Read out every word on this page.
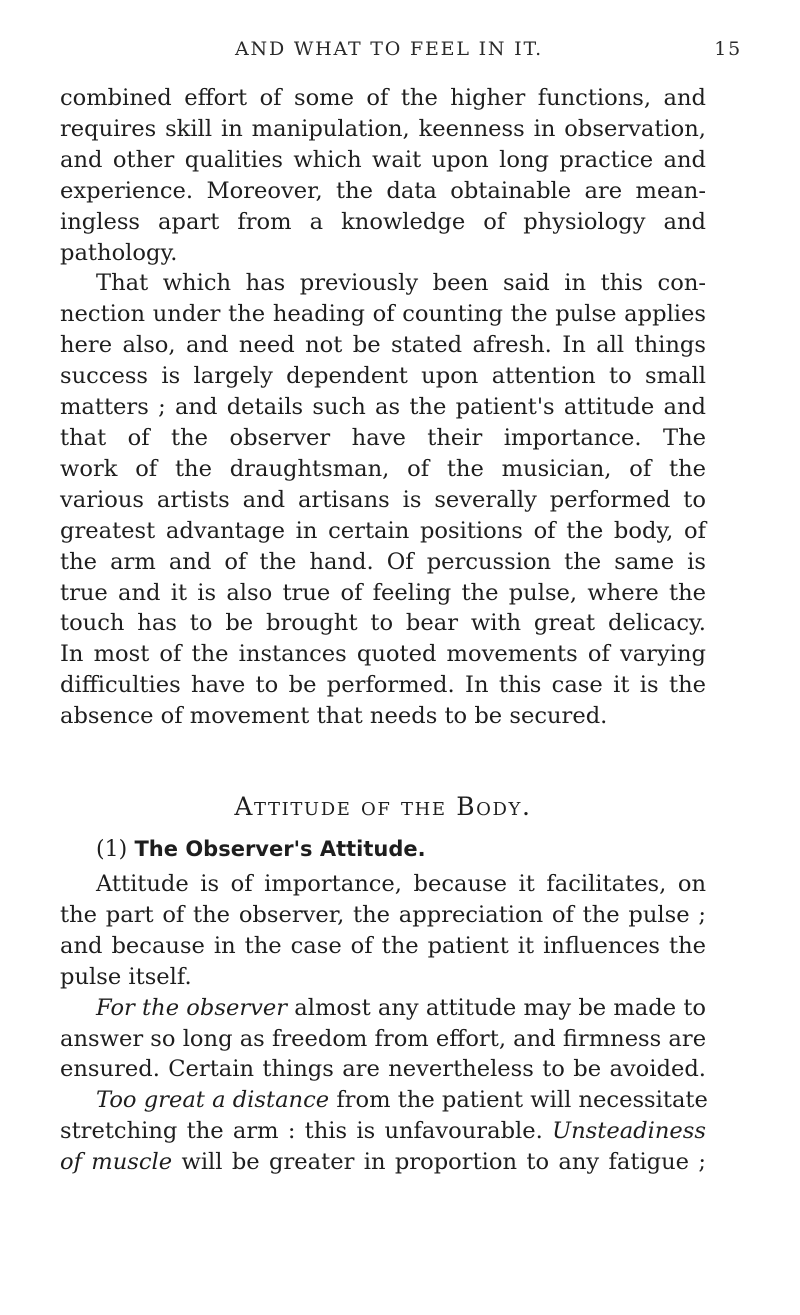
AND WHAT TO FEEL IN IT.	15
combined effort of some of the higher functions, and
requires skill in manipulation, keenness in observation,
and other qualities which wait upon long practice and
experience. Moreover, the data obtainable are mean-
ingless apart from a knowledge of physiology and
pathology.
That which has previously been said in this con-
nection under the heading of counting the pulse applies
here also, and need not be stated afresh. In all things
success is largely dependent upon attention to small
matters ; and details such as the patient's attitude and
that of the observer have their importance. The
work of the draughtsman, of the musician, of the
various artists and artisans is severally performed to
greatest advantage in certain positions of the body, of
the arm and of the hand. Of percussion the same is
true and it is also true of feeling the pulse, where the
touch has to be brought to bear with great delicacy.
In most of the instances quoted movements of varying
difficulties have to be performed. In this case it is the
absence of movement that needs to be secured.
Attitude of the Body.
(1) The Observer's Attitude.
Attitude is of importance, because it facilitates, on
the part of the observer, the appreciation of the pulse ;
and because in the case of the patient it influences the
pulse itself.
For the observer almost any attitude may be made to
answer so long as freedom from effort, and firmness are
ensured. Certain things are nevertheless to be avoided.
Too great a distance from the patient will necessitate
stretching the arm : this is unfavourable. Unsteadiness
of muscle will be greater in proportion to any fatigue ;
